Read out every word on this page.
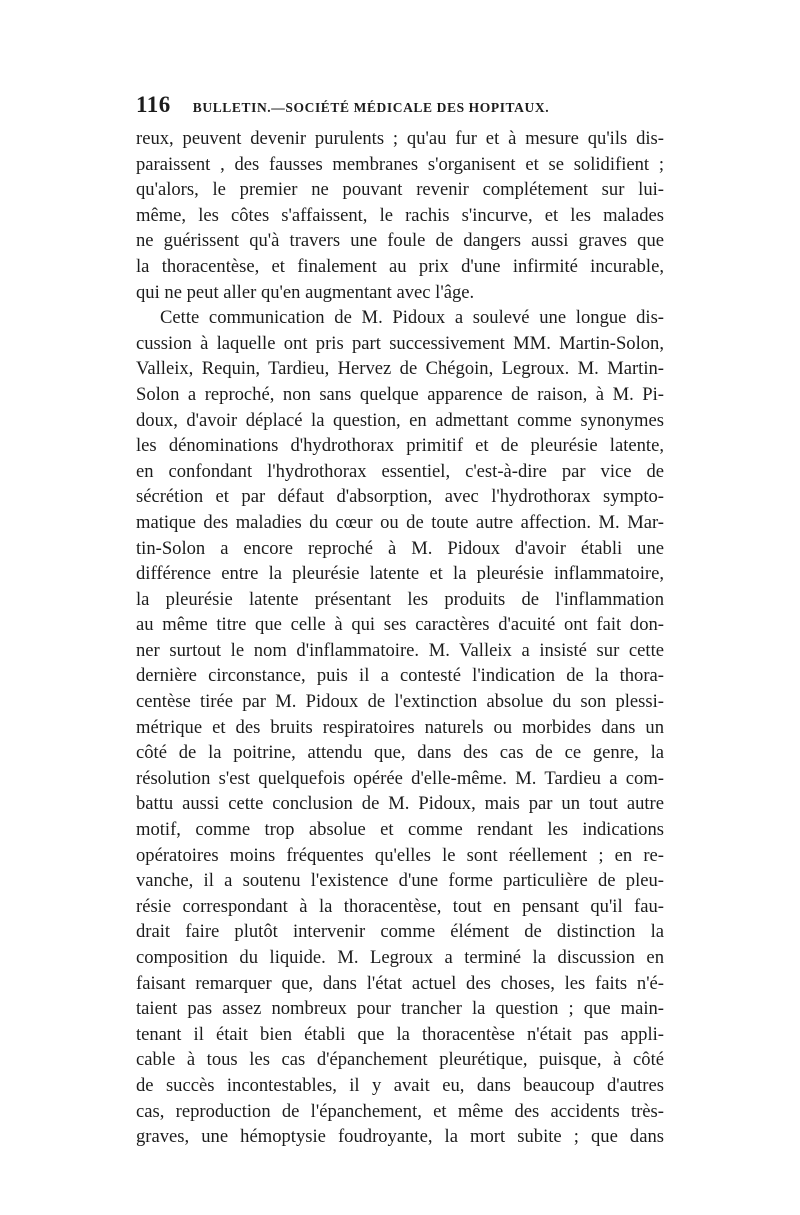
116 BULLETIN.—SOCIÉTÉ MÉDICALE DES HOPITAUX.
reux, peuvent devenir purulents ; qu'au fur et à mesure qu'ils dis-
paraissent , des fausses membranes s'organisent et se solidifient ;
qu'alors, le premier ne pouvant revenir complétement sur lui-
même, les côtes s'affaissent, le rachis s'incurve, et les malades
ne guérissent qu'à travers une foule de dangers aussi graves que
la thoracentèse, et finalement au prix d'une infirmité incurable,
qui ne peut aller qu'en augmentant avec l'âge.
Cette communication de M. Pidoux a soulevé une longue dis-
cussion à laquelle ont pris part successivement MM. Martin-Solon,
Valleix, Requin, Tardieu, Hervez de Chégoin, Legroux. M. Martin-
Solon a reproché, non sans quelque apparence de raison, à M. Pi-
doux, d'avoir déplacé la question, en admettant comme synonymes
les dénominations d'hydrothorax primitif et de pleurésie latente,
en confondant l'hydrothorax essentiel, c'est-à-dire par vice de
sécrétion et par défaut d'absorption, avec l'hydrothorax sympto-
matique des maladies du cœur ou de toute autre affection. M. Mar-
tin-Solon a encore reproché à M. Pidoux d'avoir établi une
différence entre la pleurésie latente et la pleurésie inflammatoire,
la pleurésie latente présentant les produits de l'inflammation
au même titre que celle à qui ses caractères d'acuité ont fait don-
ner surtout le nom d'inflammatoire. M. Valleix a insisté sur cette
dernière circonstance, puis il a contesté l'indication de la thora-
centèse tirée par M. Pidoux de l'extinction absolue du son plessi-
métrique et des bruits respiratoires naturels ou morbides dans un
côté de la poitrine, attendu que, dans des cas de ce genre, la
résolution s'est quelquefois opérée d'elle-même. M. Tardieu a com-
battu aussi cette conclusion de M. Pidoux, mais par un tout autre
motif, comme trop absolue et comme rendant les indications
opératoires moins fréquentes qu'elles le sont réellement ; en re-
vanche, il a soutenu l'existence d'une forme particulière de pleu-
résie correspondant à la thoracentèse, tout en pensant qu'il fau-
drait faire plutôt intervenir comme élément de distinction la
composition du liquide. M. Legroux a terminé la discussion en
faisant remarquer que, dans l'état actuel des choses, les faits n'é-
taient pas assez nombreux pour trancher la question ; que main-
tenant il était bien établi que la thoracentèse n'était pas appli-
cable à tous les cas d'épanchement pleurétique, puisque, à côté
de succès incontestables, il y avait eu, dans beaucoup d'autres
cas, reproduction de l'épanchement, et même des accidents très-
graves, une hémoptysie foudroyante, la mort subite ; que dans
